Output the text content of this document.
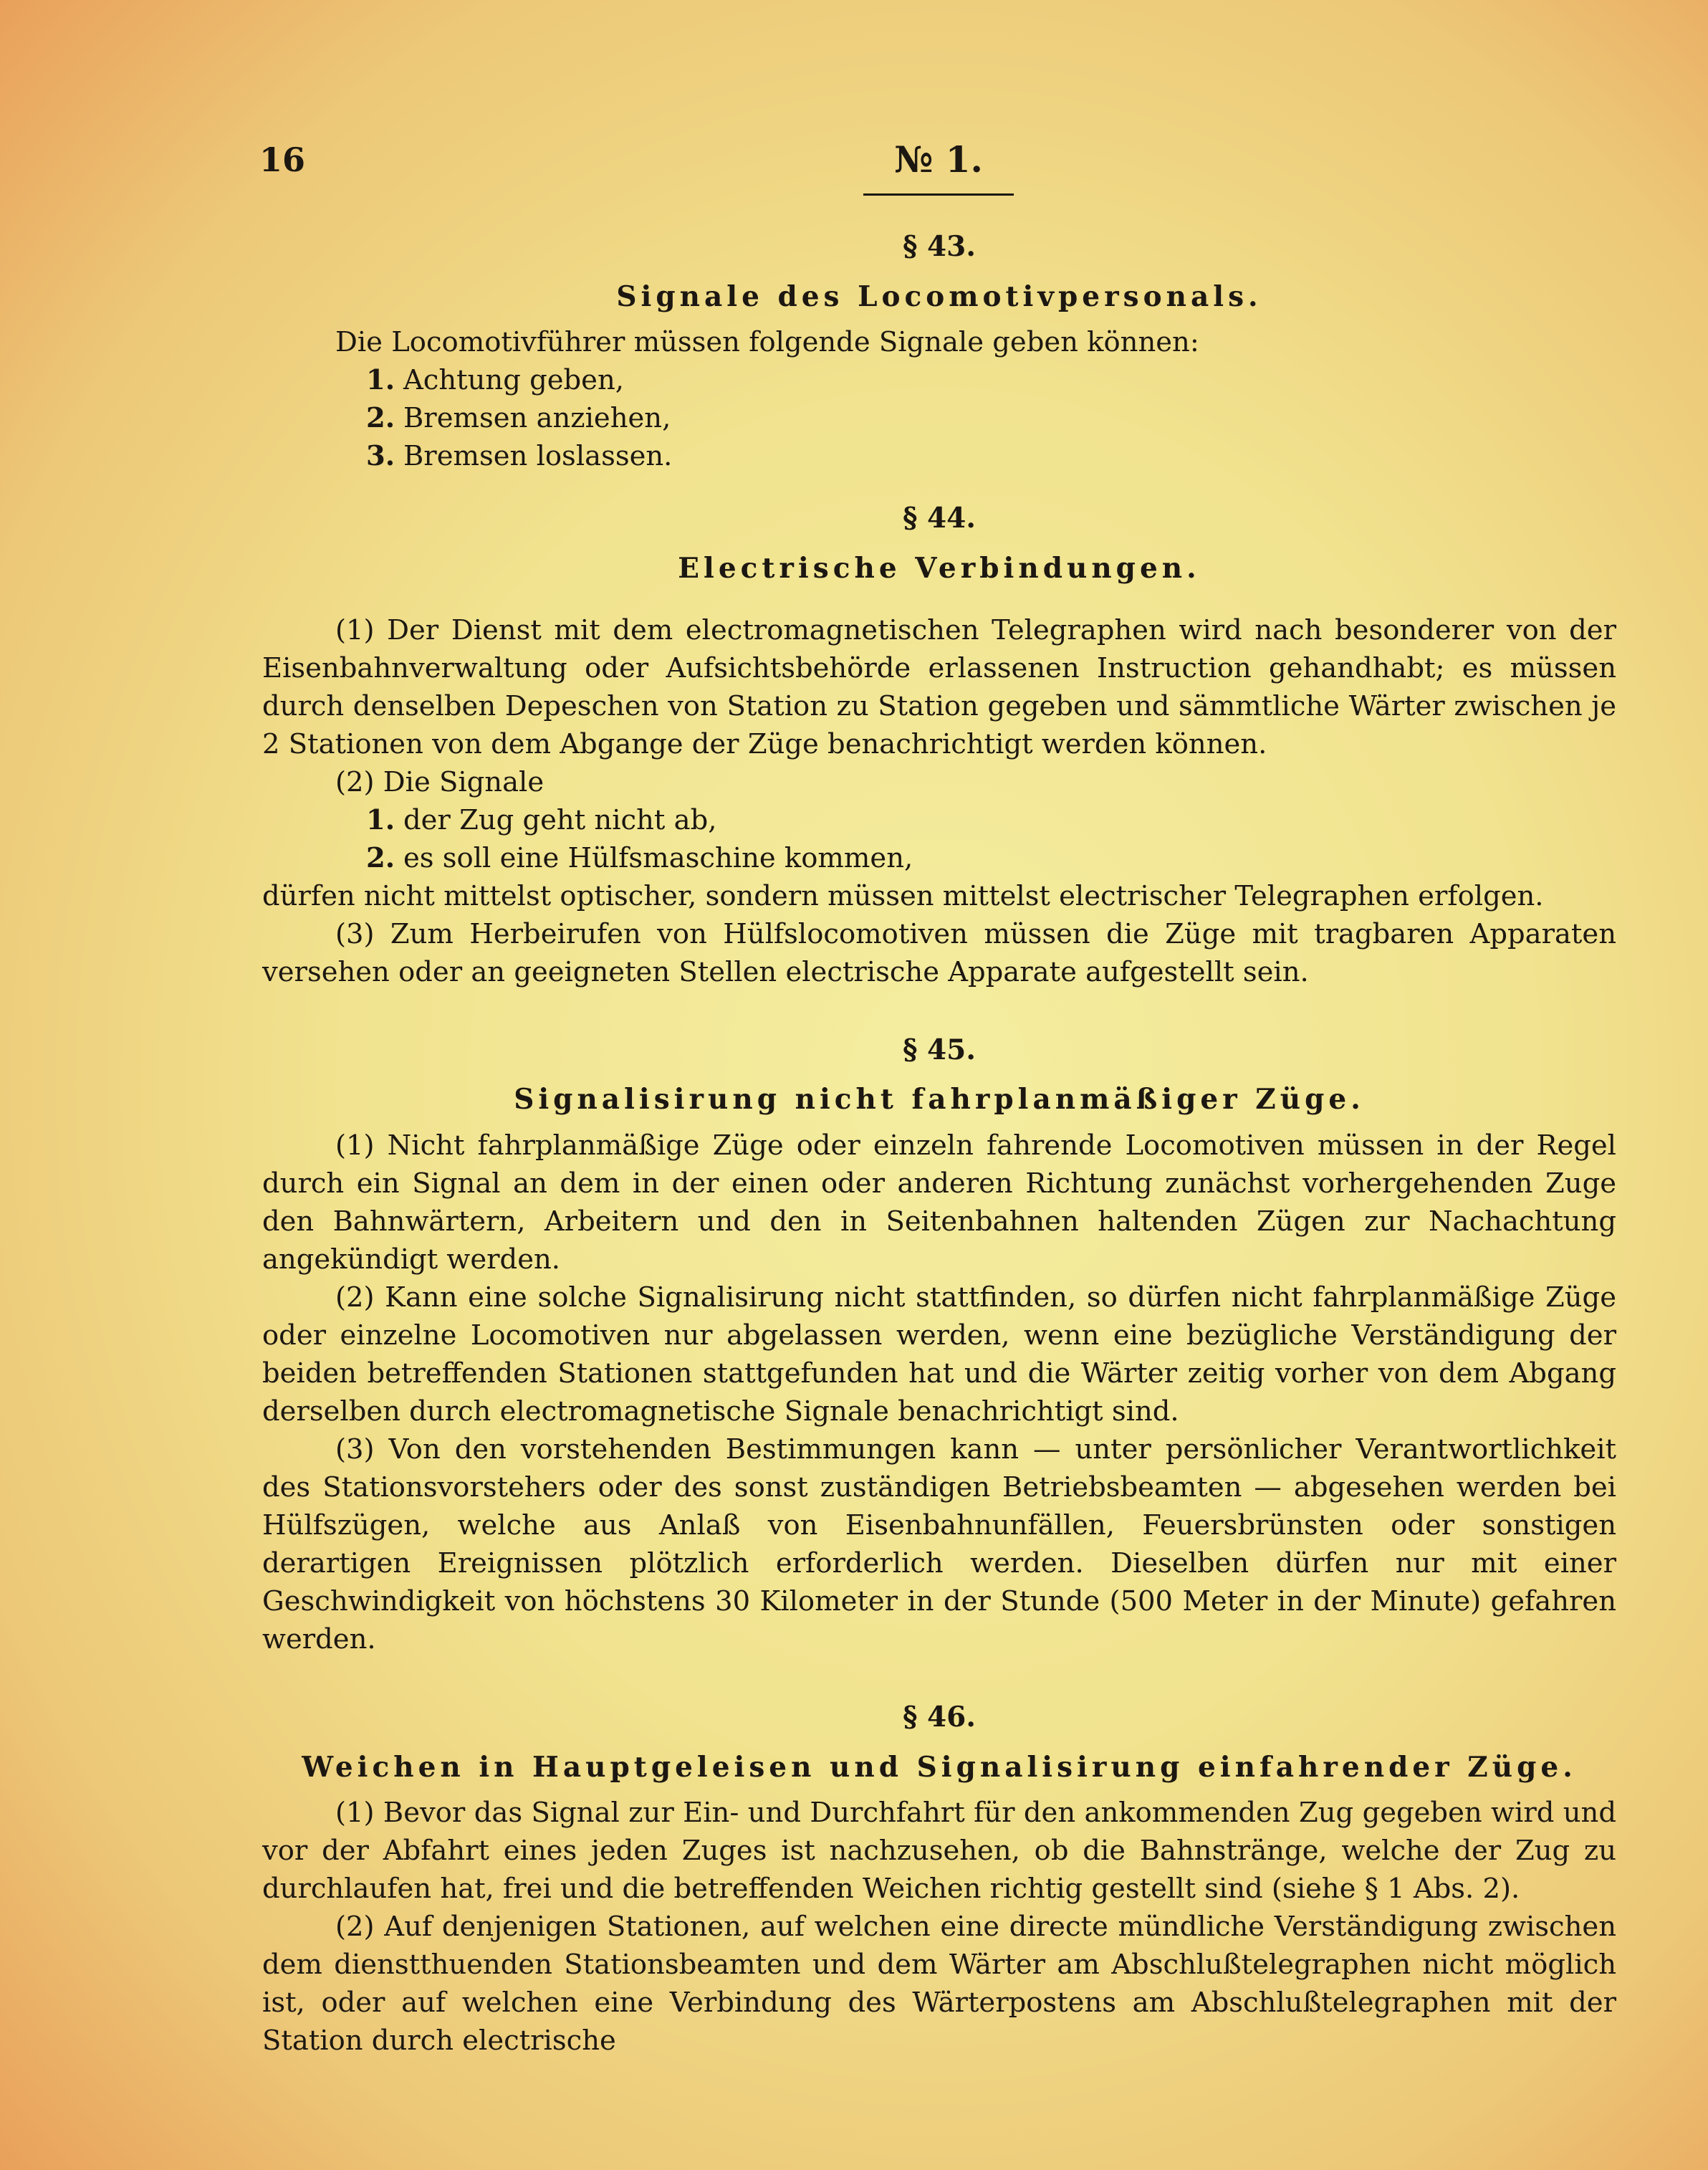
16	№ 1.
§ 43.
Signale des Locomotivpersonals.
Die Locomotivführer müssen folgende Signale geben können:
1. Achtung geben,
2. Bremsen anziehen,
3. Bremsen loslassen.
§ 44.
Electrische Verbindungen.

(1) Der Dienst mit dem electromagnetischen Telegraphen wird nach besonderer von der Eisenbahnverwaltung oder Aufsichtsbehörde erlassenen Instruction gehandhabt; es müssen durch denselben Depeschen von Station zu Station gegeben und sämmtliche Wärter zwischen je 2 Stationen von dem Abgange der Züge benachrichtigt werden können.

(2) Die Signale
1. der Zug geht nicht ab,
2. es soll eine Hülfsmaschine kommen,

dürfen nicht mittelst optischer, sondern müssen mittelst electrischer Telegraphen erfolgen.

(3) Zum Herbeirufen von Hülfslocomotiven müssen die Züge mit tragbaren Apparaten versehen oder an geeigneten Stellen electrische Apparate aufgestellt sein.

§ 45.
Signalisirung nicht fahrplanmäßiger Züge.

(1) Nicht fahrplanmäßige Züge oder einzeln fahrende Locomotiven müssen in der Regel durch ein Signal an dem in der einen oder anderen Richtung zunächst vorhergehenden Zuge den Bahnwärtern, Arbeitern und den in Seitenbahnen haltenden Zügen zur Nachachtung angekündigt werden.

(2) Kann eine solche Signalisirung nicht stattfinden, so dürfen nicht fahrplanmäßige Züge oder einzelne Locomotiven nur abgelassen werden, wenn eine bezügliche Verständigung der beiden betreffenden Stationen stattgefunden hat und die Wärter zeitig vorher von dem Abgang derselben durch electromagnetische Signale benachrichtigt sind.

(3) Von den vorstehenden Bestimmungen kann — unter persönlicher Verantwortlichkeit des Stationsvorstehers oder des sonst zuständigen Betriebsbeamten — abgesehen werden bei Hülfszügen, welche aus Anlaß von Eisenbahnunfällen, Feuersbrünsten oder sonstigen derartigen Ereignissen plötzlich erforderlich werden. Dieselben dürfen nur mit einer Geschwindigkeit von höchstens 30 Kilometer in der Stunde (500 Meter in der Minute) gefahren werden.

§ 46.
Weichen in Hauptgeleisen und Signalisirung einfahrender Züge.

(1) Bevor das Signal zur Ein- und Durchfahrt für den ankommenden Zug gegeben wird und vor der Abfahrt eines jeden Zuges ist nachzusehen, ob die Bahnstränge, welche der Zug zu durchlaufen hat, frei und die betreffenden Weichen richtig gestellt sind (siehe § 1 Abs. 2).

(2) Auf denjenigen Stationen, auf welchen eine directe mündliche Verständigung zwischen dem dienstthuenden Stationsbeamten und dem Wärter am Abschlußtelegraphen nicht möglich ist, oder auf welchen eine Verbindung des Wärterpostens am Abschlußtelegraphen mit der Station durch electrische
